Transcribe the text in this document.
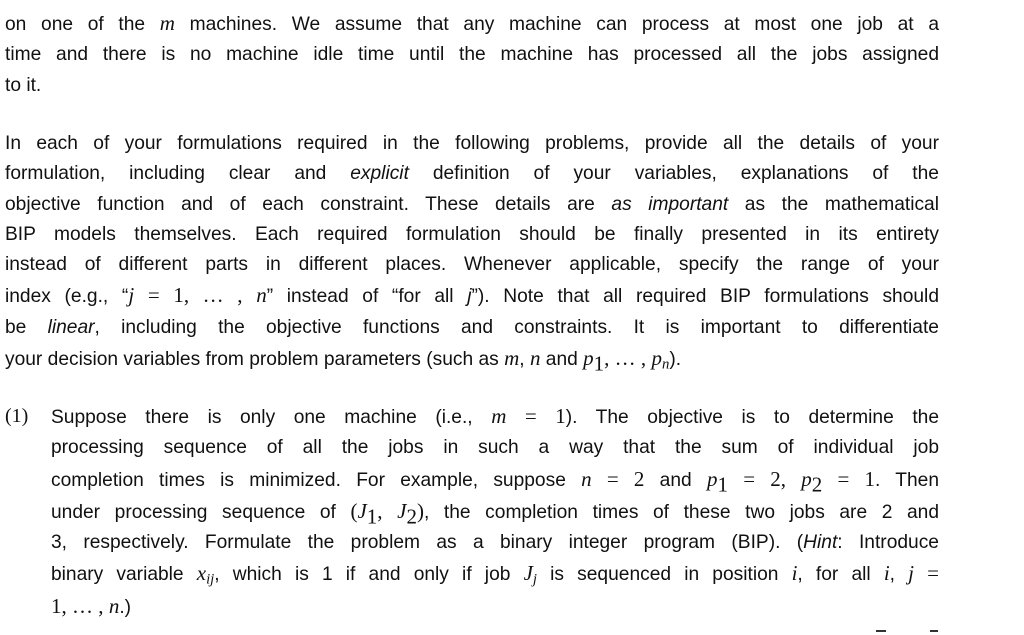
on one of the m machines. We assume that any machine can process at most one job at a
time and there is no machine idle time until the machine has processed all the jobs assigned
to it.

In each of your formulations required in the following problems, provide all the details of your
formulation, including clear and explicit definition of your variables, explanations of the
objective function and of each constraint. These details are as important as the mathematical
BIP models themselves. Each required formulation should be finally presented in its entirety
instead of different parts in different places. Whenever applicable, specify the range of your
index (e.g., “j = 1, … , n” instead of “for all j”). Note that all required BIP formulations should
be linear, including the objective functions and constraints. It is important to differentiate
your decision variables from problem parameters (such as m, n and $p_1$, … , $p_n$).

(1) Suppose there is only one machine (i.e., m = 1). The objective is to determine the
processing sequence of all the jobs in such a way that the sum of individual job
completion times is minimized. For example, suppose n = 2 and $p_1 = 2$, $p_2 = 1$. Then
under processing sequence of ($J_1$, $J_2$), the completion times of these two jobs are 2 and
3, respectively. Formulate the problem as a binary integer program (BIP). (Hint: Introduce
binary variable $x_{ij}$, which is 1 if and only if job $J_j$ is sequenced in position i, for all i, j =
1, … , n.)
